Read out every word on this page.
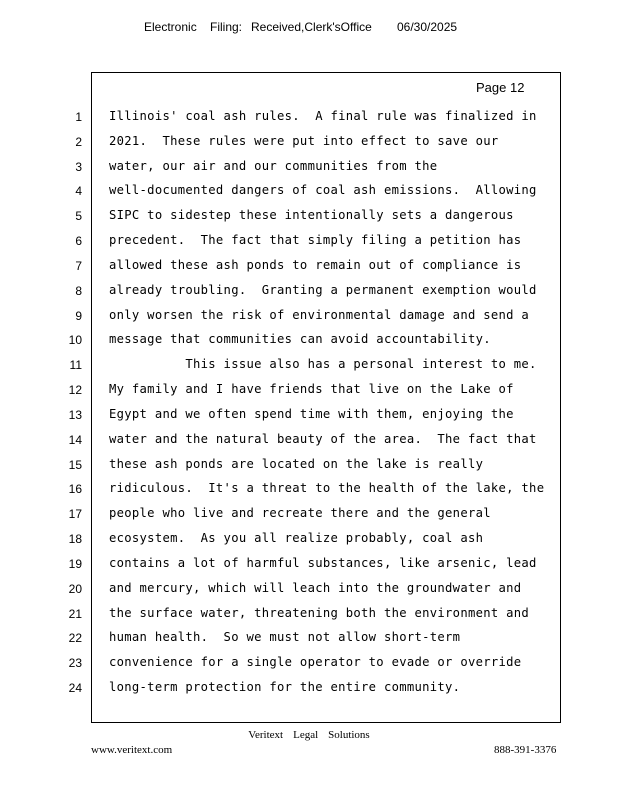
Electronic Filing: Received,Clerk'sOffice 06/30/2025
Page 12
1 Illinois' coal ash rules.  A final rule was finalized in
2 2021.  These rules were put into effect to save our
3 water, our air and our communities from the
4 well-documented dangers of coal ash emissions.  Allowing
5 SIPC to sidestep these intentionally sets a dangerous
6 precedent.  The fact that simply filing a petition has
7 allowed these ash ponds to remain out of compliance is
8 already troubling.  Granting a permanent exemption would
9 only worsen the risk of environmental damage and send a
10 message that communities can avoid accountability.
11 This issue also has a personal interest to me.
12 My family and I have friends that live on the Lake of
13 Egypt and we often spend time with them, enjoying the
14 water and the natural beauty of the area.  The fact that
15 these ash ponds are located on the lake is really
16 ridiculous.  It's a threat to the health of the lake, the
17 people who live and recreate there and the general
18 ecosystem.  As you all realize probably, coal ash
19 contains a lot of harmful substances, like arsenic, lead
20 and mercury, which will leach into the groundwater and
21 the surface water, threatening both the environment and
22 human health.  So we must not allow short-term
23 convenience for a single operator to evade or override
24 long-term protection for the entire community.
Veritext Legal Solutions
www.veritext.com	888-391-3376
